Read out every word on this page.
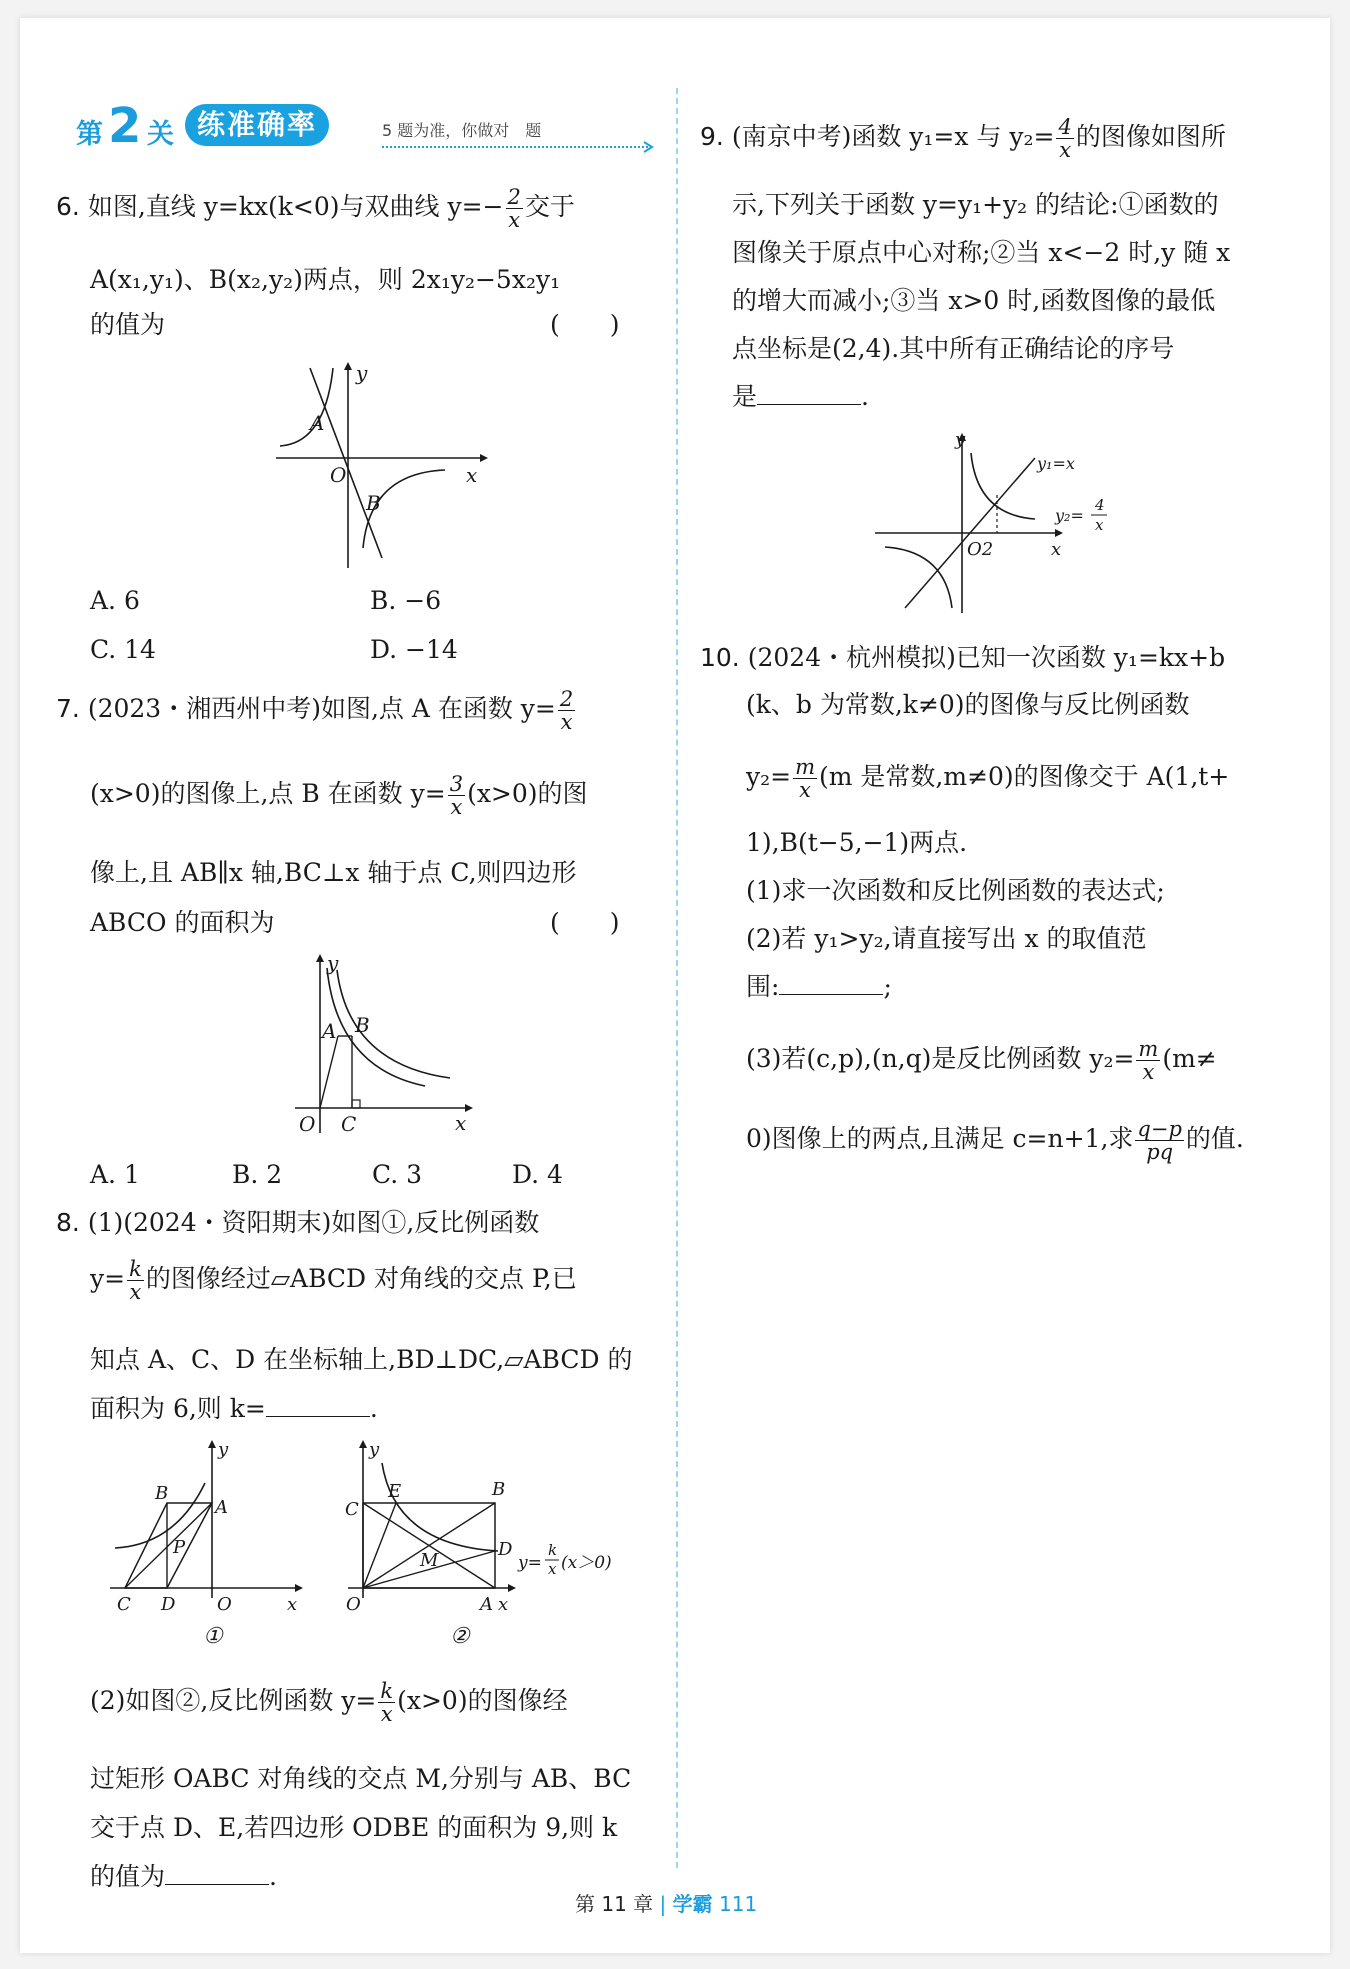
第 2 关 练准确率	5 题为准，你做对　题
6. 如图,直线 y=kx(k<0)与双曲线 $y=- \frac{2}{x}$ 交于
A(x₁,y₁)、B(x₂,y₂)两点，则 2x₁y₂−5x₂y₁
的值为	(　　)
y
x
O
A
B
A. 6	B. −6
C. 14	D. −14
7. (2023・湘西州中考)如图,点 A 在函数 $y= \frac{2}{x}$
(x>0)的图像上,点 B 在函数 $y= \frac{3}{x} (x>0)$的图
像上,且 AB∥x 轴,BC⊥x 轴于点 C,则四边形
ABCO 的面积为	(　　)
y
x
O
A B
C
A. 1	B. 2	C. 3	D. 4
8. (1)(2024・资阳期末)如图①,反比例函数
$y= \frac{k}{x}$ 的图像经过▱ABCD 对角线的交点 P,已
知点 A、C、D 在坐标轴上,BD⊥DC,▱ABCD 的
面积为 6,则 k=	.
y
x
O
A
B
C D
P
①
y
x
O	A
B
C
D
E
M	y=
k
x (x＞0)
②
(2)如图②,反比例函数 $y= \frac{k}{x} (x>0)$的图像经
过矩形 OABC 对角线的交点 M,分别与 AB、BC
交于点 D、E,若四边形 ODBE 的面积为 9,则 k
的值为	.
9. (南京中考)函数 y₁=x 与 $y_2= \frac{4}{x}$ 的图像如图所
示,下列关于函数 y=y₁+y₂ 的结论:①函数的
图像关于原点中心对称;②当 x<−2 时,y 随 x
的增大而减小;③当 x>0 时,函数图像的最低
点坐标是(2,4).其中所有正确结论的序号
是	.
y
x
O2
y₁=x
y₂=
4
x
10. (2024・杭州模拟)已知一次函数 y₁=kx+b
(k、b 为常数,k≠0)的图像与反比例函数
$y_2= \frac{m}{x} (m$ 是常数,m≠0)的图像交于 A(1,t+
1),B(t−5,−1)两点.
(1)求一次函数和反比例函数的表达式;
(2)若 y₁>y₂,请直接写出 x 的取值范
围:	;
(3)若(c,p),(n,q)是反比例函数 $y_2= \frac{m}{x} (m\ne$
0)图像上的两点,且满足 c=n+1,求 $\frac{q-p}{pq}$ 的值.
第 11 章 | 学霸 111
